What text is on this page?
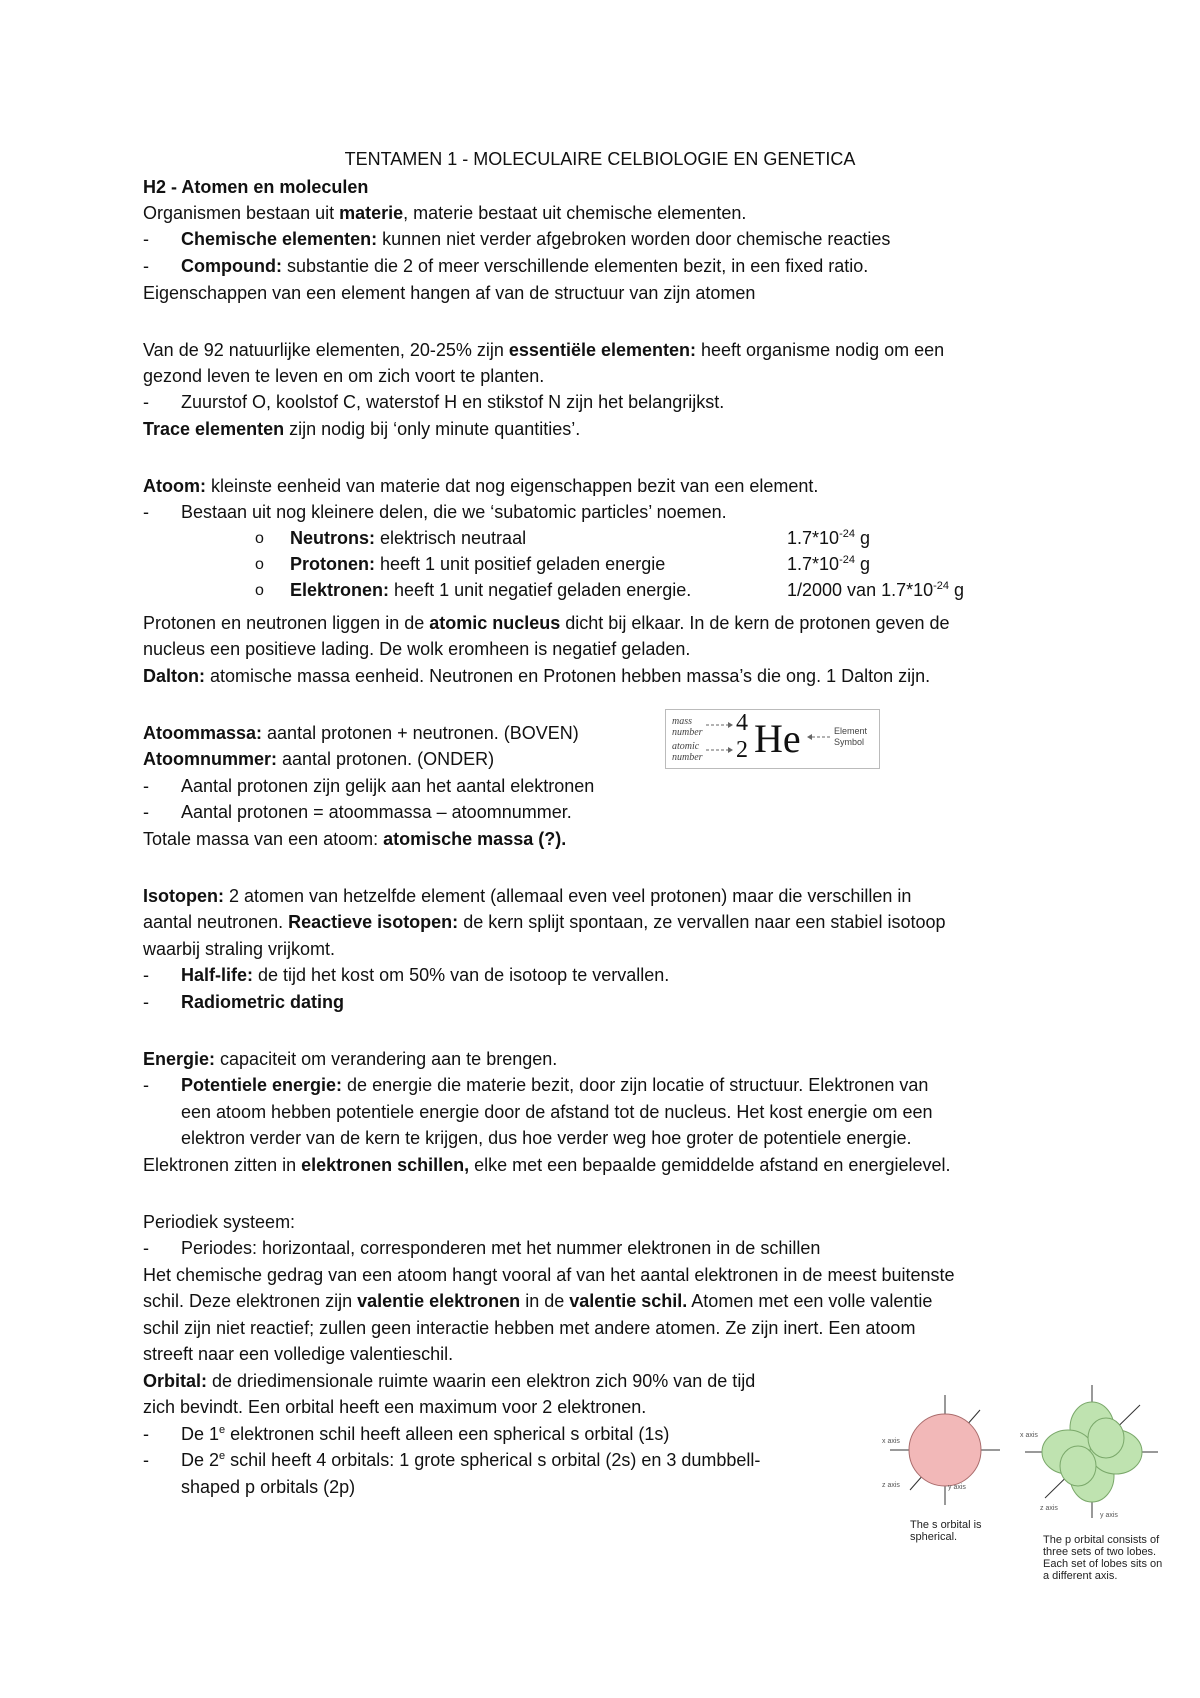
TENTAMEN 1 - MOLECULAIRE CELBIOLOGIE EN GENETICA
H2 - Atomen en moleculen
Organismen bestaan uit materie, materie bestaat uit chemische elementen.
- Chemische elementen: kunnen niet verder afgebroken worden door chemische reacties
- Compound: substantie die 2 of meer verschillende elementen bezit, in een fixed ratio.
Eigenschappen van een element hangen af van de structuur van zijn atomen
Van de 92 natuurlijke elementen, 20-25% zijn essentiële elementen: heeft organisme nodig om een
gezond leven te leven en om zich voort te planten.
- Zuurstof O, koolstof C, waterstof H en stikstof N zijn het belangrijkst.
Trace elementen zijn nodig bij ‘only minute quantities’.
Atoom: kleinste eenheid van materie dat nog eigenschappen bezit van een element.
- Bestaan uit nog kleinere delen, die we ‘subatomic particles’ noemen.
o Neutrons: elektrisch neutraal	$1.7*10^{-24}$ g
o Protonen: heeft 1 unit positief geladen energie	$1.7*10^{-24}$ g
o Elektronen: heeft 1 unit negatief geladen energie.	1/2000 van $1.7*10^{-24}$ g
Protonen en neutronen liggen in de atomic nucleus dicht bij elkaar. In de kern de protonen geven de
nucleus een positieve lading. De wolk eromheen is negatief geladen.
Dalton: atomische massa eenheid. Neutronen en Protonen hebben massa’s die ong. 1 Dalton zijn.
Atoommassa: aantal protonen + neutronen. (BOVEN)
Atoomnummer: aantal protonen. (ONDER)
- Aantal protonen zijn gelijk aan het aantal elektronen
- Aantal protonen = atoommassa – atoomnummer.
Totale massa van een atoom: atomische massa (?).
mass
number
atomic
number
4
2 He	Element
Symbol
Isotopen: 2 atomen van hetzelfde element (allemaal even veel protonen) maar die verschillen in
aantal neutronen. Reactieve isotopen: de kern splijt spontaan, ze vervallen naar een stabiel isotoop
waarbij straling vrijkomt.
- Half-life: de tijd het kost om 50% van de isotoop te vervallen.
- Radiometric dating
Energie: capaciteit om verandering aan te brengen.
- Potentiele energie: de energie die materie bezit, door zijn locatie of structuur. Elektronen van
een atoom hebben potentiele energie door de afstand tot de nucleus. Het kost energie om een
elektron verder van de kern te krijgen, dus hoe verder weg hoe groter de potentiele energie.
Elektronen zitten in elektronen schillen, elke met een bepaalde gemiddelde afstand en energielevel.
Periodiek systeem:
- Periodes: horizontaal, corresponderen met het nummer elektronen in de schillen
Het chemische gedrag van een atoom hangt vooral af van het aantal elektronen in de meest buitenste
schil. Deze elektronen zijn valentie elektronen in de valentie schil. Atomen met een volle valentie
schil zijn niet reactief; zullen geen interactie hebben met andere atomen. Ze zijn inert. Een atoom
streeft naar een volledige valentieschil.
Orbital: de driedimensionale ruimte waarin een elektron zich 90% van de tijd
zich bevindt. Een orbital heeft een maximum voor 2 elektronen.
- De 1e elektronen schil heeft alleen een spherical s orbital (1s)
- De 2e schil heeft 4 orbitals: 1 grote spherical s orbital (2s) en 3 dumbbell-
shaped p orbitals (2p)
x axis
z axis	y axis
The s orbital is spherical.
x axis
z axis
y axis
The p orbital consists of three sets of two lobes. Each set of lobes sits on a different axis.
